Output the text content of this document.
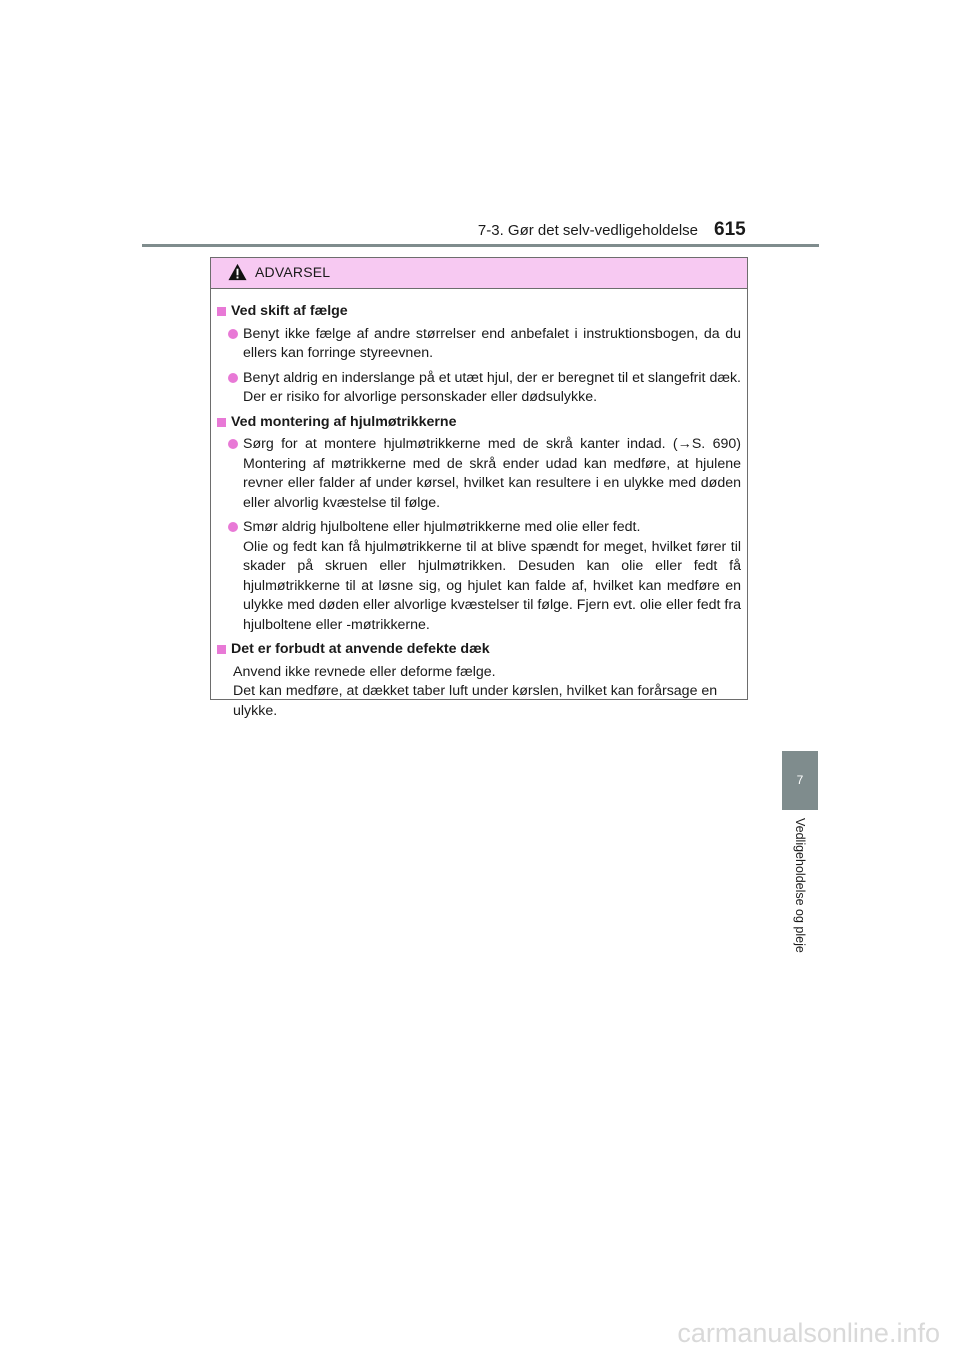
7-3. Gør det selv-vedligeholdelse 615
7
Vedligeholdelse og pleje
ADVARSEL
Ved skift af fælge

Benyt ikke fælge af andre størrelser end anbefalet i instruktionsbogen, da du ellers kan forringe styreevnen.

Benyt aldrig en inderslange på et utæt hjul, der er beregnet til et slangefrit dæk. Der er risiko for alvorlige personskader eller dødsulykke.

Ved montering af hjulmøtrikkerne

Sørg for at montere hjulmøtrikkerne med de skrå kanter indad. (→S. 690) Montering af møtrikkerne med de skrå ender udad kan medføre, at hjulene revner eller falder af under kørsel, hvilket kan resultere i en ulykke med døden eller alvorlig kvæstelse til følge.

Smør aldrig hjulboltene eller hjulmøtrikkerne med olie eller fedt.

Olie og fedt kan få hjulmøtrikkerne til at blive spændt for meget, hvilket fører til skader på skruen eller hjulmøtrikken. Desuden kan olie eller fedt få hjulmøtrikkerne til at løsne sig, og hjulet kan falde af, hvilket kan medføre en ulykke med døden eller alvorlige kvæstelser til følge. Fjern evt. olie eller fedt fra hjulboltene eller -møtrikkerne.

Det er forbudt at anvende defekte dæk

Anvend ikke revnede eller deforme fælge.

Det kan medføre, at dækket taber luft under kørslen, hvilket kan forårsage en ulykke.

carmanualsonline.info
